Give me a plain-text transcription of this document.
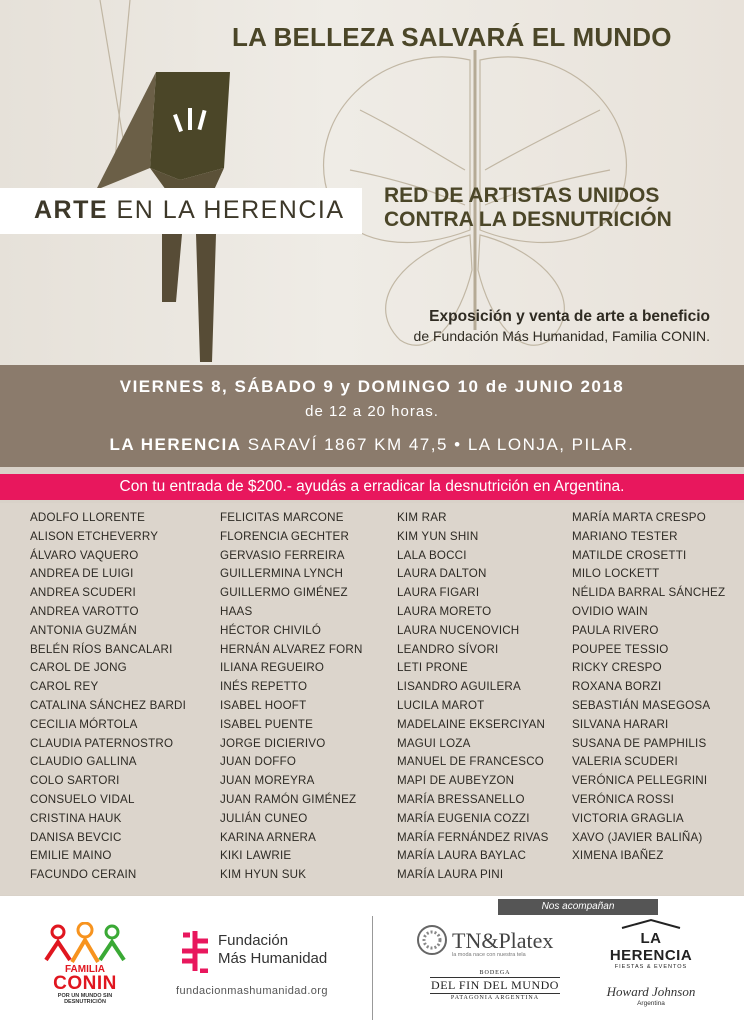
LA BELLEZA SALVARÁ EL MUNDO
ARTE EN LA HERENCIA
RED DE ARTISTAS UNIDOS
CONTRA LA DESNUTRICIÓN
Exposición y venta de arte a beneficio
de Fundación Más Humanidad, Familia CONIN.
VIERNES 8, SÁBADO 9 y DOMINGO 10 de JUNIO 2018
de 12 a 20 horas.
LA HERENCIA SARAVÍ 1867 KM 47,5 • LA LONJA, PILAR.
Con tu entrada de $200.- ayudás a erradicar la desnutrición en Argentina.
ADOLFO LLORENTE
ALISON ETCHEVERRY
ÁLVARO VAQUERO
ANDREA DE LUIGI
ANDREA SCUDERI
ANDREA VAROTTO
ANTONIA GUZMÁN
BELÉN RÍOS BANCALARI
CAROL DE JONG
CAROL REY
CATALINA SÁNCHEZ BARDI
CECILIA MÓRTOLA
CLAUDIA PATERNOSTRO
CLAUDIO GALLINA
COLO SARTORI
CONSUELO VIDAL
CRISTINA HAUK
DANISA BEVCIC
EMILIE MAINO
FACUNDO CERAIN
FELICITAS MARCONE
FLORENCIA GECHTER
GERVASIO FERREIRA
GUILLERMINA LYNCH
GUILLERMO GIMÉNEZ
HAAS
HÉCTOR CHIVILÓ
HERNÁN ALVAREZ FORN
ILIANA REGUEIRO
INÉS REPETTO
ISABEL HOOFT
ISABEL PUENTE
JORGE DICIERIVO
JUAN DOFFO
JUAN MOREYRA
JUAN RAMÓN GIMÉNEZ
JULIÁN CUNEO
KARINA ARNERA
KIKI LAWRIE
KIM HYUN SUK
KIM RAR
KIM YUN SHIN
LALA BOCCI
LAURA DALTON
LAURA FIGARI
LAURA MORETO
LAURA NUCENOVICH
LEANDRO SÍVORI
LETI PRONE
LISANDRO AGUILERA
LUCILA MAROT
MADELAINE EKSERCIYAN
MAGUI LOZA
MANUEL DE FRANCESCO
MAPI DE AUBEYZON
MARÍA BRESSANELLO
MARÍA EUGENIA COZZI
MARÍA FERNÁNDEZ RIVAS
MARÍA LAURA BAYLAC
MARÍA LAURA PINI
MARÍA MARTA CRESPO
MARIANO TESTER
MATILDE CROSETTI
MILO LOCKETT
NÉLIDA BARRAL SÁNCHEZ
OVIDIO WAIN
PAULA RIVERO
POUPEE TESSIO
RICKY CRESPO
ROXANA BORZI
SEBASTIÁN MASEGOSA
SILVANA HARARI
SUSANA DE PAMPHILIS
VALERIA SCUDERI
VERÓNICA PELLEGRINI
VERÓNICA ROSSI
VICTORIA GRAGLIA
XAVO (JAVIER BALIÑA)
XIMENA IBAÑEZ
Nos acompañan
FAMILIA
CONIN
POR UN MUNDO SIN DESNUTRICIÓN
Fundación
Más Humanidad
fundacionmashumanidad.org
TN&Platex
la moda nace con nuestra tela
BODEGA
DEL FIN DEL MUNDO
PATAGONIA ARGENTINA
LA HERENCIA
FIESTAS & EVENTOS
Howard Johnson
Argentina
